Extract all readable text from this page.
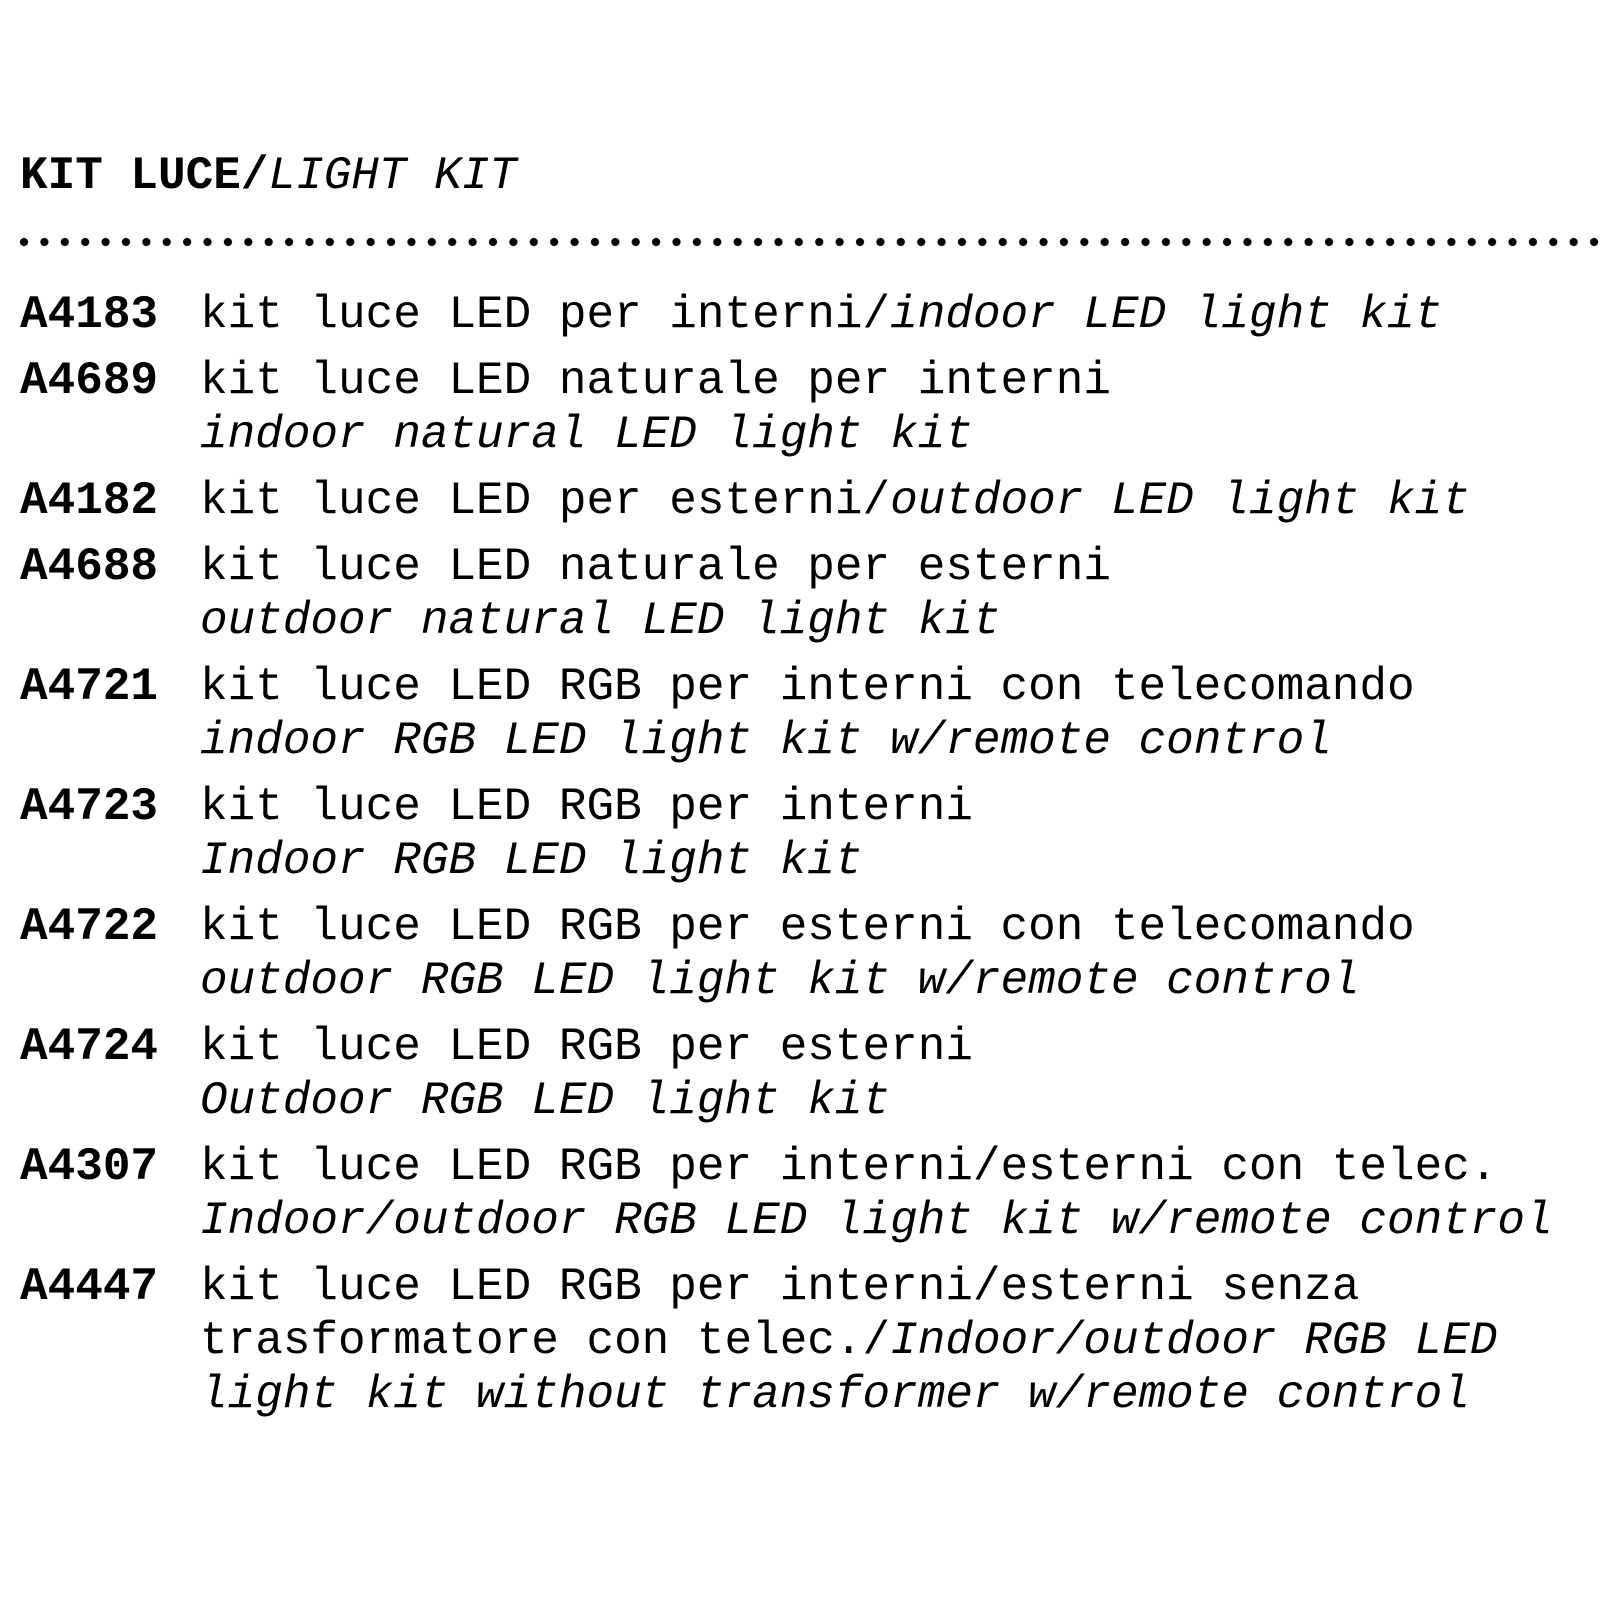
KIT LUCE/LIGHT KIT
A4183 kit luce LED per interni/indoor LED light kit
A4689 kit luce LED naturale per interni
indoor natural LED light kit
A4182 kit luce LED per esterni/outdoor LED light kit
A4688 kit luce LED naturale per esterni
outdoor natural LED light kit
A4721 kit luce LED RGB per interni con telecomando
indoor RGB LED light kit w/remote control
A4723 kit luce LED RGB per interni
Indoor RGB LED light kit
A4722 kit luce LED RGB per esterni con telecomando
outdoor RGB LED light kit w/remote control
A4724 kit luce LED RGB per esterni
Outdoor RGB LED light kit
A4307 kit luce LED RGB per interni/esterni con telec.
Indoor/outdoor RGB LED light kit w/remote control
A4447 kit luce LED RGB per interni/esterni senza
trasformatore con telec./Indoor/outdoor RGB LED
light kit without transformer w/remote control
